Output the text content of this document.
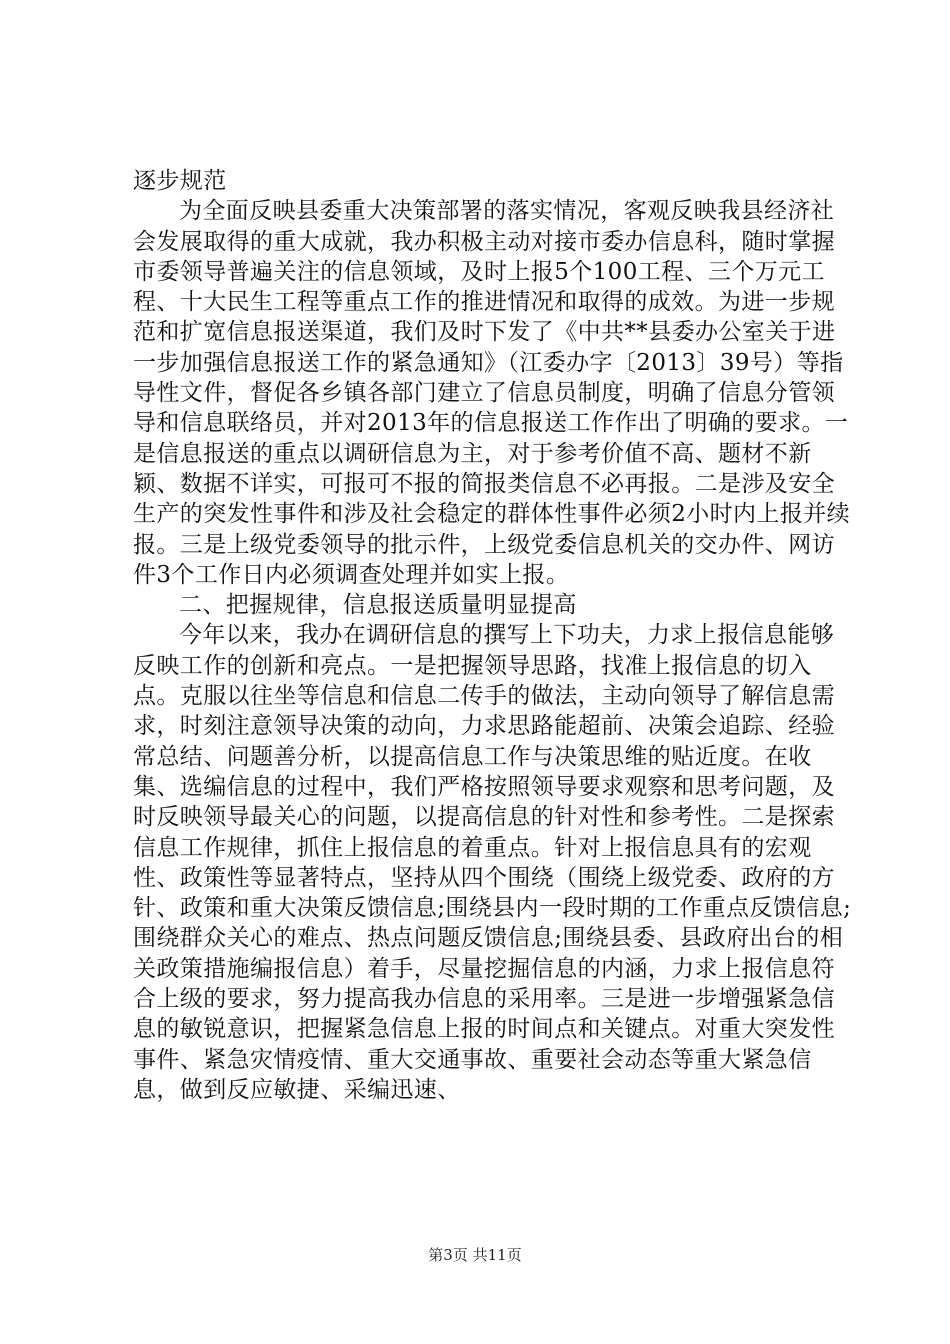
逐步规范

为全面反映县委重大决策部署的落实情况，客观反映我县经济社会发展取得的重大成就，我办积极主动对接市委办信息科，随时掌握市委领导普遍关注的信息领域，及时上报5个100工程、三个万元工程、十大民生工程等重点工作的推进情况和取得的成效。为进一步规范和扩宽信息报送渠道，我们及时下发了《中共**县委办公室关于进一步加强信息报送工作的紧急通知》（江委办字〔2013〕39号）等指导性文件，督促各乡镇各部门建立了信息员制度，明确了信息分管领导和信息联络员，并对2013年的信息报送工作作出了明确的要求。一是信息报送的重点以调研信息为主，对于参考价值不高、题材不新颖、数据不详实，可报可不报的简报类信息不必再报。二是涉及安全生产的突发性事件和涉及社会稳定的群体性事件必须2小时内上报并续报。三是上级党委领导的批示件，上级党委信息机关的交办件、网访件3个工作日内必须调查处理并如实上报。

二、把握规律，信息报送质量明显提高

今年以来，我办在调研信息的撰写上下功夫，力求上报信息能够反映工作的创新和亮点。一是把握领导思路，找准上报信息的切入点。克服以往坐等信息和信息二传手的做法，主动向领导了解信息需求，时刻注意领导决策的动向，力求思路能超前、决策会追踪、经验常总结、问题善分析，以提高信息工作与决策思维的贴近度。在收集、选编信息的过程中，我们严格按照领导要求观察和思考问题，及时反映领导最关心的问题，以提高信息的针对性和参考性。二是探索信息工作规律，抓住上报信息的着重点。针对上报信息具有的宏观性、政策性等显著特点，坚持从四个围绕（围绕上级党委、政府的方针、政策和重大决策反馈信息;围绕县内一段时期的工作重点反馈信息;围绕群众关心的难点、热点问题反馈信息;围绕县委、县政府出台的相关政策措施编报信息）着手，尽量挖掘信息的内涵，力求上报信息符合上级的要求，努力提高我办信息的采用率。三是进一步增强紧急信息的敏锐意识，把握紧急信息上报的时间点和关键点。对重大突发性事件、紧急灾情疫情、重大交通事故、重要社会动态等重大紧急信息，做到反应敏捷、采编迅速、

第3页 共11页
